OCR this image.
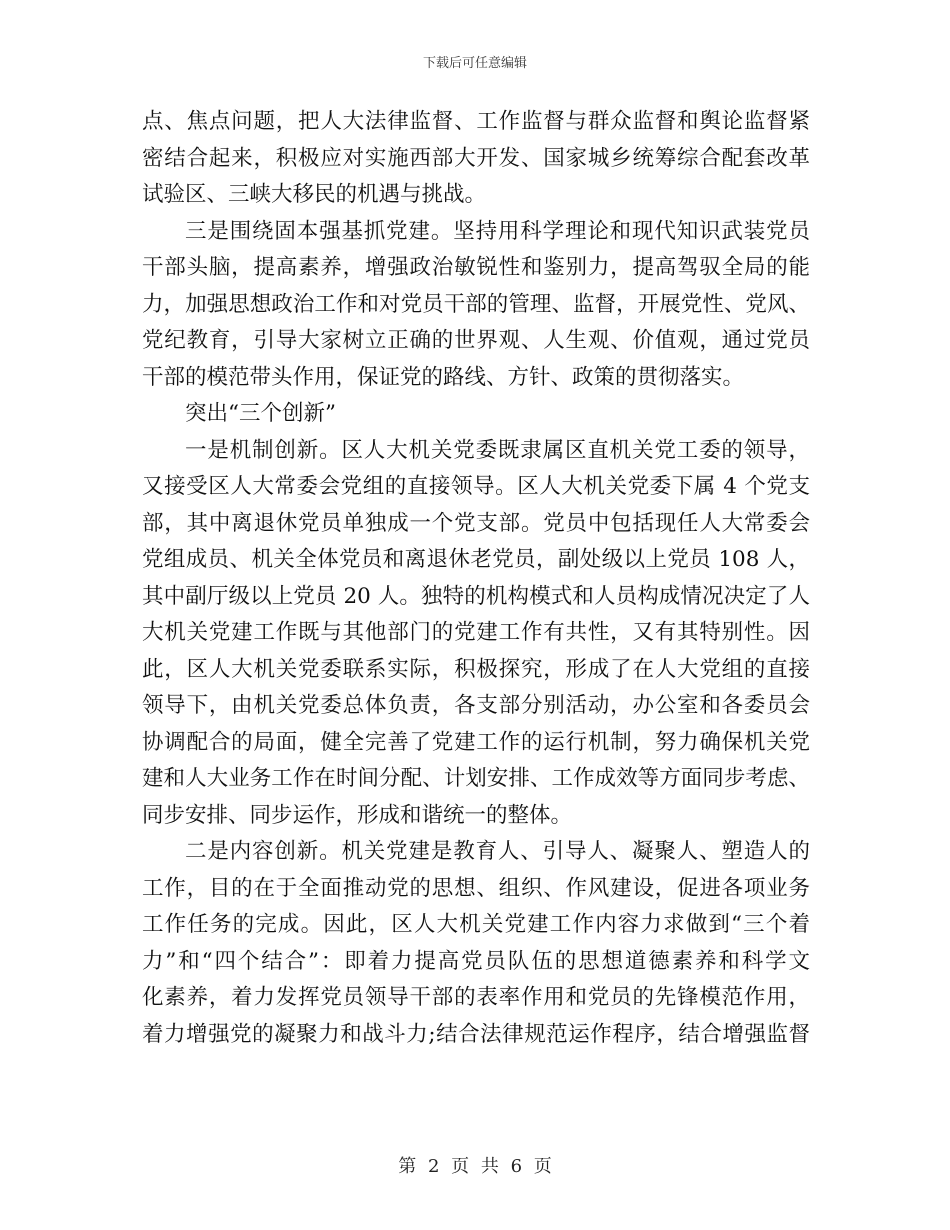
下载后可任意编辑
点、焦点问题，把人大法律监督、工作监督与群众监督和舆论监督紧
密结合起来，积极应对实施西部大开发、国家城乡统筹综合配套改革
试验区、三峡大移民的机遇与挑战。
三是围绕固本强基抓党建。坚持用科学理论和现代知识武装党员
干部头脑，提高素养，增强政治敏锐性和鉴别力，提高驾驭全局的能
力，加强思想政治工作和对党员干部的管理、监督，开展党性、党风、
党纪教育，引导大家树立正确的世界观、人生观、价值观，通过党员
干部的模范带头作用，保证党的路线、方针、政策的贯彻落实。
突出“三个创新”
一是机制创新。区人大机关党委既隶属区直机关党工委的领导，
又接受区人大常委会党组的直接领导。区人大机关党委下属 4 个党支
部，其中离退休党员单独成一个党支部。党员中包括现任人大常委会
党组成员、机关全体党员和离退休老党员，副处级以上党员 108 人，
其中副厅级以上党员 20 人。独特的机构模式和人员构成情况决定了人
大机关党建工作既与其他部门的党建工作有共性，又有其特别性。因
此，区人大机关党委联系实际，积极探究，形成了在人大党组的直接
领导下，由机关党委总体负责，各支部分别活动，办公室和各委员会
协调配合的局面，健全完善了党建工作的运行机制，努力确保机关党
建和人大业务工作在时间分配、计划安排、工作成效等方面同步考虑、
同步安排、同步运作，形成和谐统一的整体。
二是内容创新。机关党建是教育人、引导人、凝聚人、塑造人的
工作，目的在于全面推动党的思想、组织、作风建设，促进各项业务
工作任务的完成。因此，区人大机关党建工作内容力求做到“三个着
力”和“四个结合”：即着力提高党员队伍的思想道德素养和科学文
化素养，着力发挥党员领导干部的表率作用和党员的先锋模范作用，
着力增强党的凝聚力和战斗力;结合法律规范运作程序，结合增强监督
第 2 页 共 6 页
